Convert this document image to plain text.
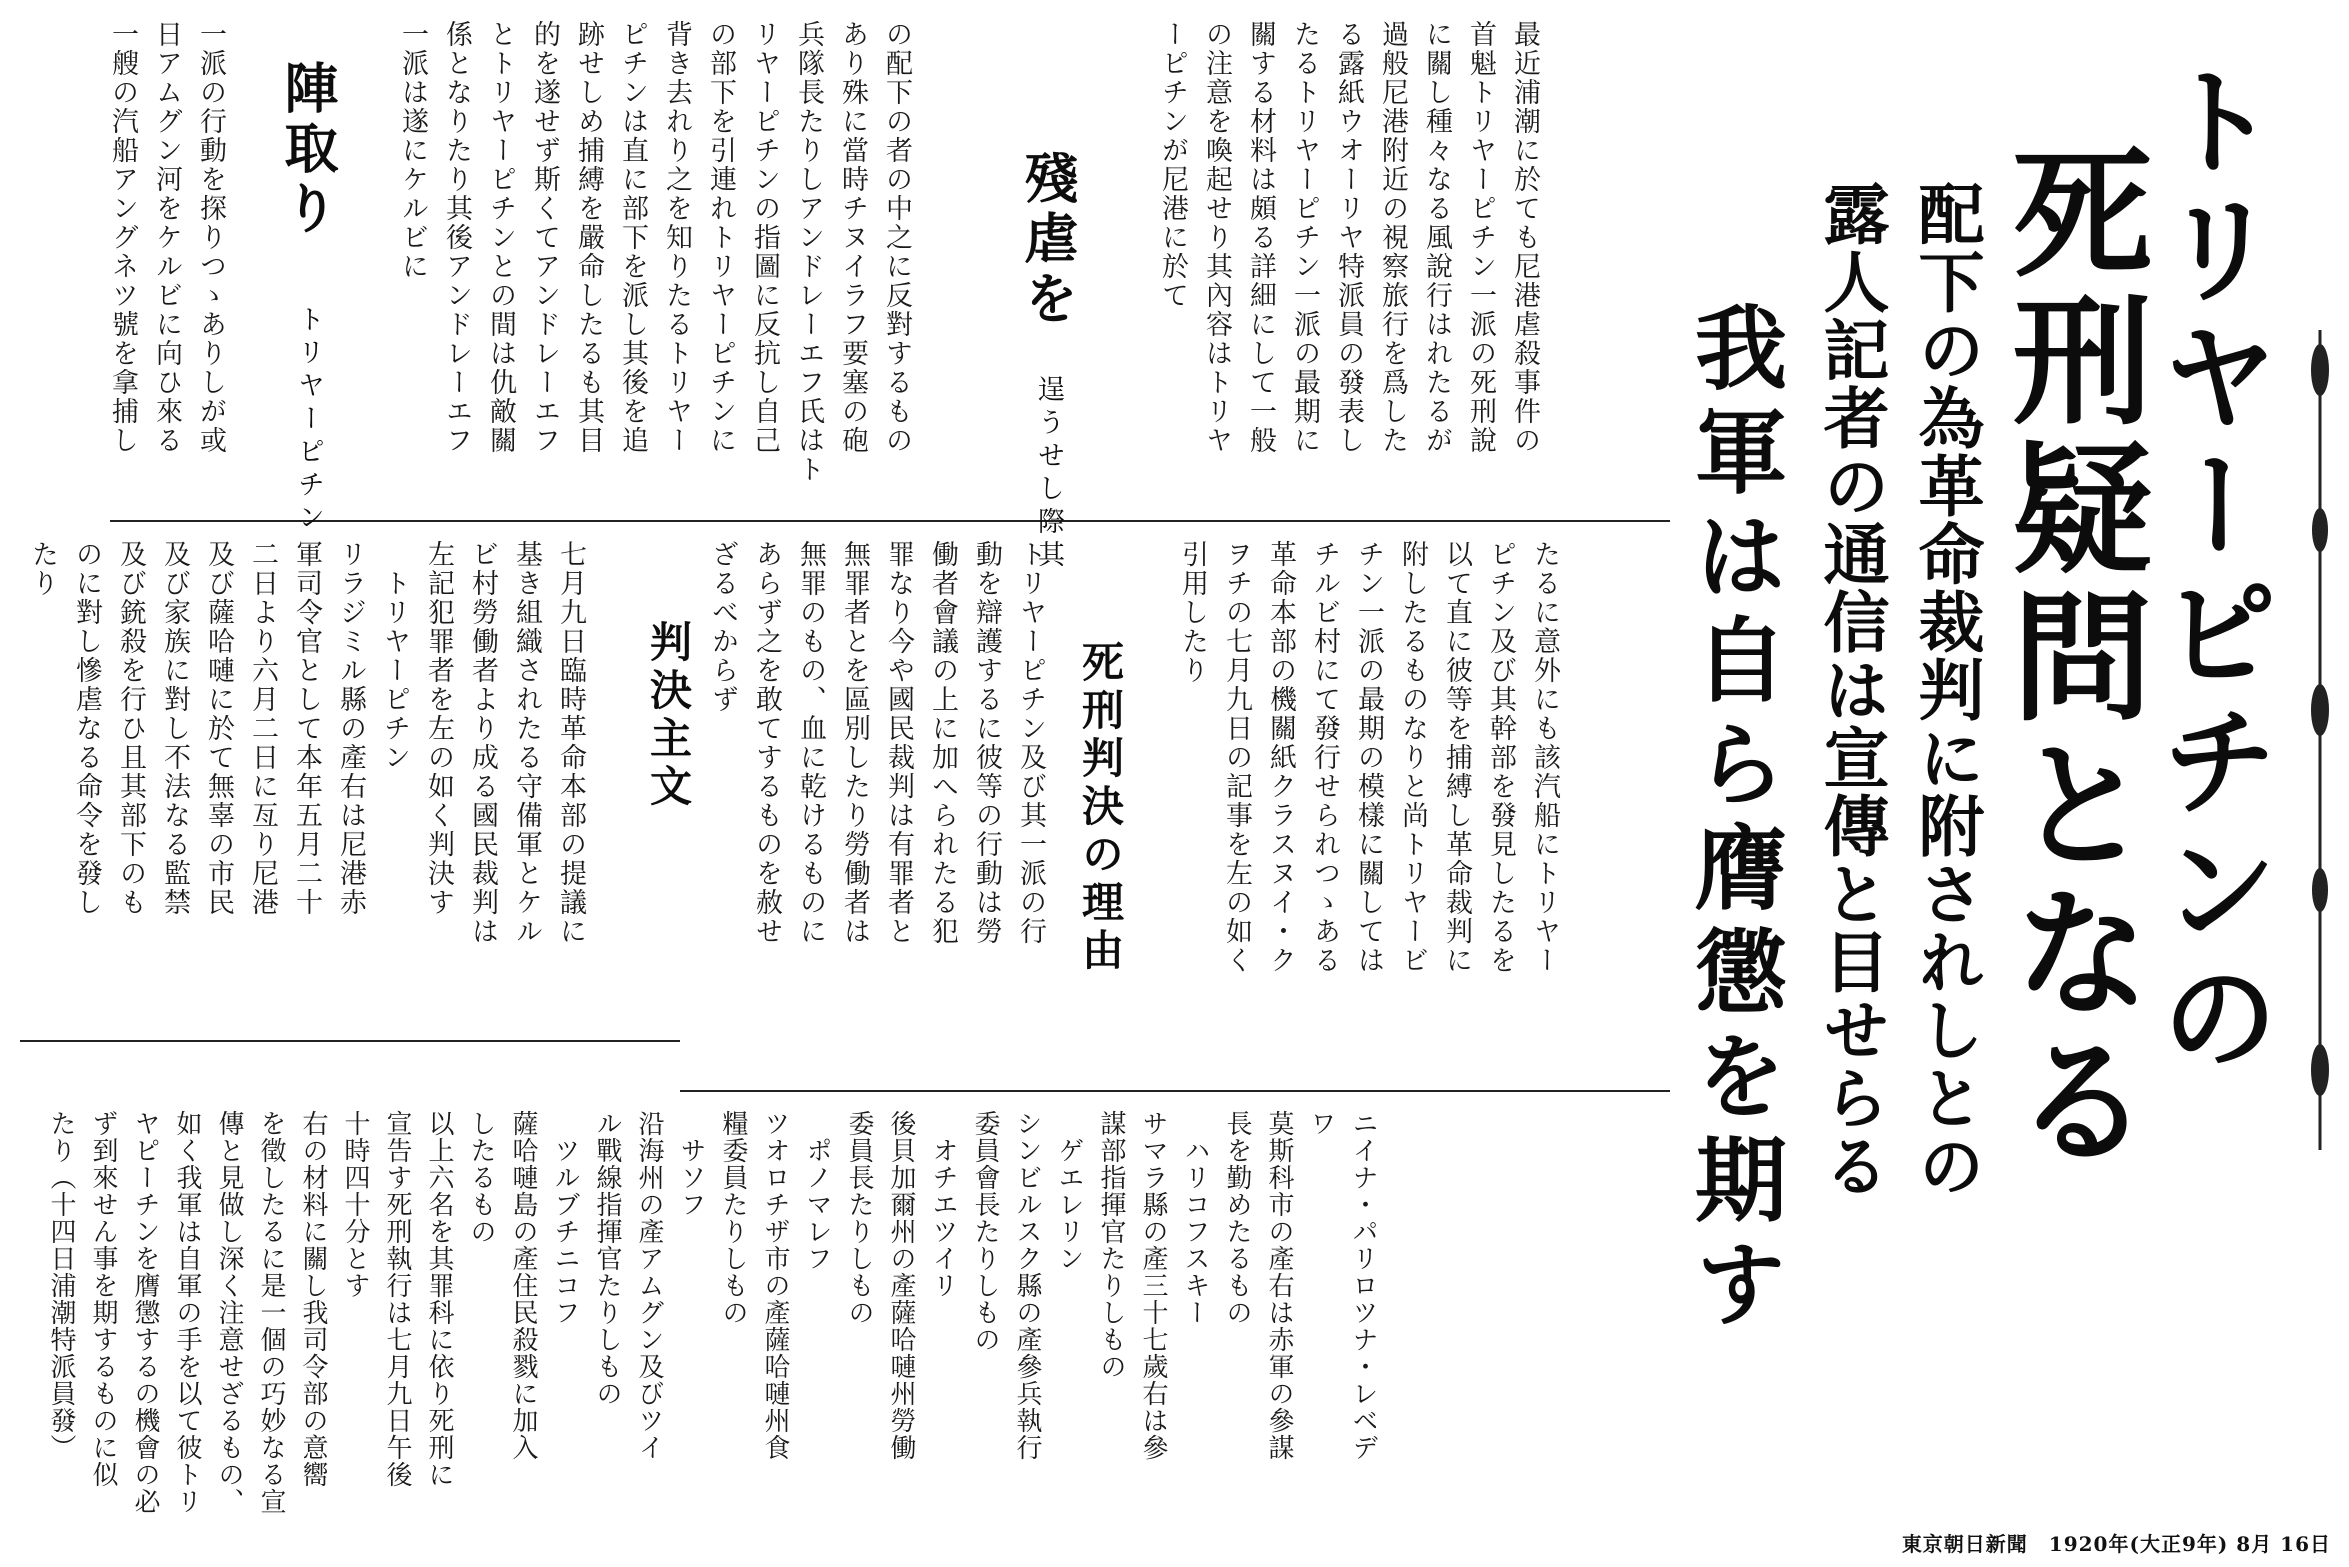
トリヤーピチンの
死刑疑問となる
配下の為革命裁判に附されしとの
露人記者の通信は宣傳と目せらる
我軍は自ら膺懲を期す
最近浦潮に於ても尼港虐殺事件の
首魁トリヤーピチン一派の死刑說
に關し種々なる風說行はれたるが
過般尼港附近の視察旅行を爲した
る露紙ウオーリヤ特派員の發表し
たるトリヤーピチン一派の最期に
關する材料は頗る詳細にして一般
の注意を喚起せり其內容はトリヤ
ーピチンが尼港に於て
殘虐を 逞うせし際其
の配下の者の中之に反對するもの
あり殊に當時チヌイラフ要塞の砲
兵隊長たりしアンドレーエフ氏はト
リヤーピチンの指圖に反抗し自己
の部下を引連れトリヤーピチンに
背き去れり之を知りたるトリヤー
ピチンは直に部下を派し其後を追
跡せしめ捕縛を嚴命したるも其目
的を遂せず斯くてアンドレーエフ
とトリヤーピチンとの間は仇敵關
係となりたり其後アンドレーエフ
一派は遂にケルビに
陣取り トリヤーピチン
一派の行動を探りつゝありしが或
日アムグン河をケルビに向ひ來る
一艘の汽船アングネツ號を拿捕し
たるに意外にも該汽船にトリヤー
ピチン及び其幹部を發見したるを
以て直に彼等を捕縛し革命裁判に
附したるものなりと尚トリヤービ
チン一派の最期の模樣に關しては
チルビ村にて發行せられつゝある
革命本部の機關紙クラスヌイ・ク
ヲチの七月九日の記事を左の如く
引用したり
死刑判決の理由
トリヤーピチン及び其一派の行
動を辯護するに彼等の行動は勞
働者會議の上に加へられたる犯
罪なり今や國民裁判は有罪者と
無罪者とを區別したり勞働者は
無罪のもの、血に乾けるものに
あらず之を敢てするものを赦せ
ざるべからず
判決主文
七月九日臨時革命本部の提議に
基き組織されたる守備軍とケル
ビ村勞働者より成る國民裁判は
左記犯罪者を左の如く判決す
　トリヤーピチン
リラジミル縣の產右は尼港赤
軍司令官として本年五月二十
二日より六月二日に亙り尼港
及び薩哈嗹に於て無辜の市民
及び家族に對し不法なる監禁
及び銃殺を行ひ且其部下のも
のに對し慘虐なる命令を發し
たり
ニイナ・パリロツナ・レベデ
ワ
莫斯科市の產右は赤軍の參謀
長を勤めたるもの
　ハリコフスキー
サマラ縣の產三十七歲右は參
謀部指揮官たりしもの
　ゲエレリン
シンビルスク縣の產參兵執行
委員會長たりしもの
　オチエツイリ
後貝加爾州の產薩哈嗹州勞働
委員長たりしもの
　ポノマレフ
ツオロチザ市の產薩哈嗹州食
糧委員たりしもの
　サソフ
沿海州の產アムグン及びツイ
ル戰線指揮官たりしもの
　ツルブチニコフ
薩哈嗹島の產住民殺戮に加入
したるもの
以上六名を其罪科に依り死刑に
宣告す死刑執行は七月九日午後
十時四十分とす
右の材料に關し我司令部の意嚮
を徵したるに是一個の巧妙なる宣
傳と見做し深く注意せざるもの、
如く我軍は自軍の手を以て彼トリ
ヤピーチンを膺懲するの機會の必
ず到來せん事を期するものに似
たり（十四日浦潮特派員發）
東京朝日新聞　1920年(大正9年) 8月 16日
